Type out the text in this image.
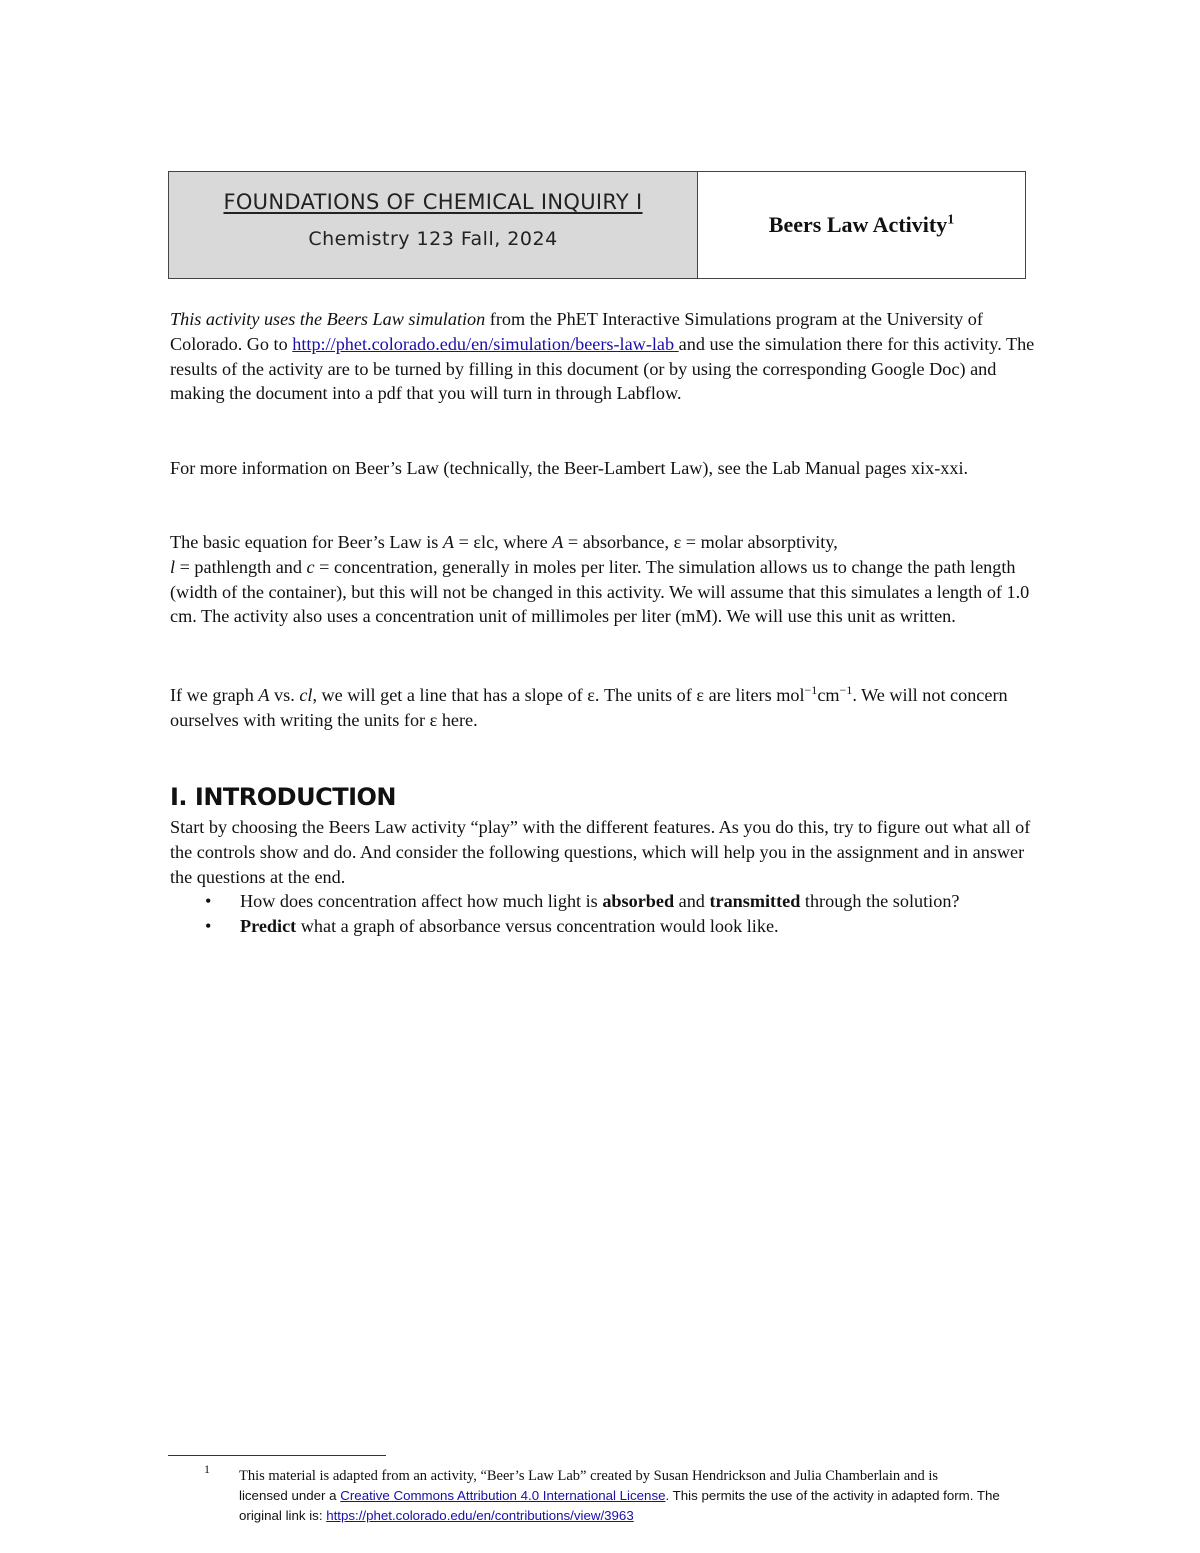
FOUNDATIONS OF CHEMICAL INQUIRY I
Chemistry 123 Fall, 2024
Beers Law Activity$^1$

This activity uses the Beers Law simulation from the PhET Interactive Simulations program at the University of Colorado. Go to http://phet.colorado.edu/en/simulation/beers-law-lab and use the simulation there for this activity. The results of the activity are to be turned by filling in this document (or by using the corresponding Google Doc) and making the document into a pdf that you will turn in through Labflow.

For more information on Beer’s Law (technically, the Beer-Lambert Law), see the Lab Manual pages xix-xxi.

The basic equation for Beer’s Law is A = εlc, where A = absorbance, ε = molar absorptivity,
l = pathlength and c = concentration, generally in moles per liter. The simulation allows us to change the path length (width of the container), but this will not be changed in this activity. We will assume that this simulates a length of 1.0 cm. The activity also uses a concentration unit of millimoles per liter (mM). We will use this unit as written.

If we graph A vs. cl, we will get a line that has a slope of ε. The units of ε are liters $mol^{-1}cm^{-1}$. We will not concern ourselves with writing the units for ε here.

I. INTRODUCTION

Start by choosing the Beers Law activity “play” with the different features. As you do this, try to figure out what all of the controls show and do. And consider the following questions, which will help you in the assignment and in answer the questions at the end.

• How does concentration affect how much light is absorbed and transmitted through the solution?
• Predict what a graph of absorbance versus concentration would look like.
1 This material is adapted from an activity, “Beer’s Law Lab” created by Susan Hendrickson and Julia Chamberlain and is
licensed under a Creative Commons Attribution 4.0 International License. This permits the use of the activity in adapted form. The original link is: https://phet.colorado.edu/en/contributions/view/3963
